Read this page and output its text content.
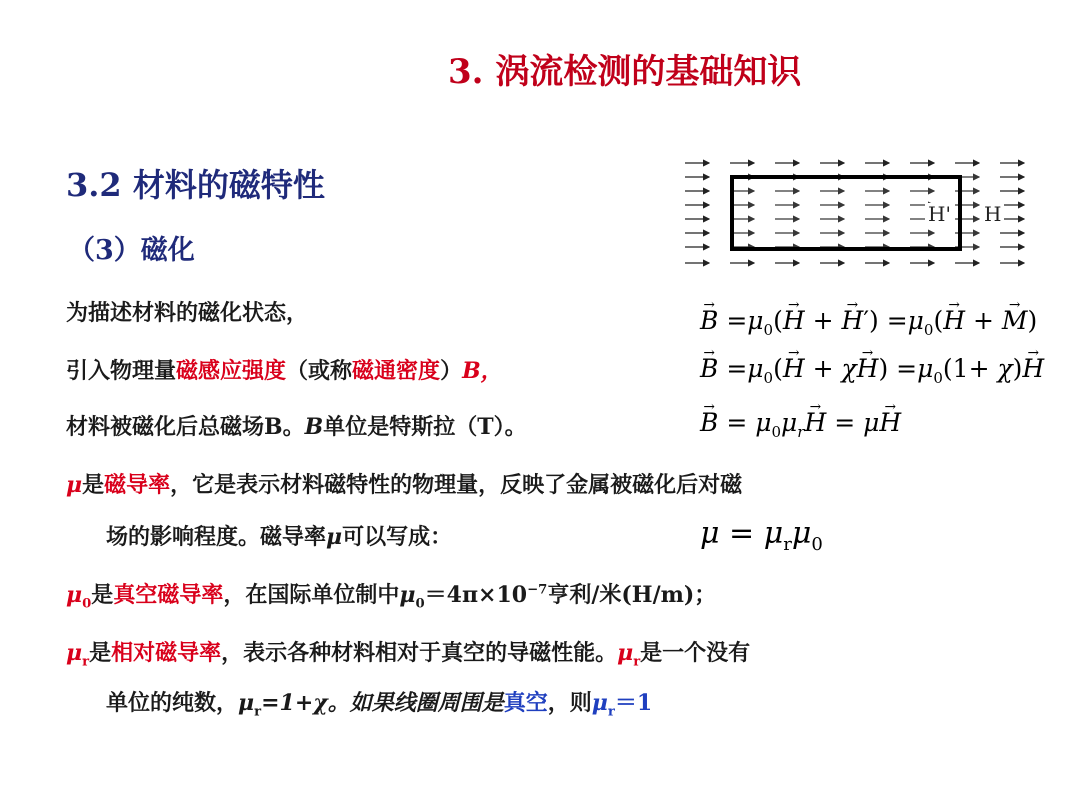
3. 涡流检测的基础知识
3.2 材料的磁特性
（3）磁化
H' H
为描述材料的磁化状态，
引入物理量磁感应强度（或称磁通密度）B，
材料被磁化后总磁场B。B单位是特斯拉（T）。
μ是磁导率，它是表示材料磁特性的物理量，反映了金属被磁化后对磁
场的影响程度。磁导率μ可以写成：
$\mu_0$是真空磁导率，在国际单位制中$\mu_0=4\pi\times 10^{-7}$亨利/米(H/m)；
$\mu_r$是相对磁导率，表示各种材料相对于真空的导磁性能。$\mu_r$是一个没有
单位的纯数，$\mu_r=1+\chi$。如果线圈周围是真空，则$\mu_r=1$
→ $B =\mu_0(\to H$ + → $H') =\mu_0(\to H$ + → M)
→ $B =\mu_0(\to H + \chi\to H) =\mu_0(1+ \chi)\to H$
→ $B = \mu_0\mu_r\to H = \mu\to H$
$\mu = \mu_r\mu_0$
